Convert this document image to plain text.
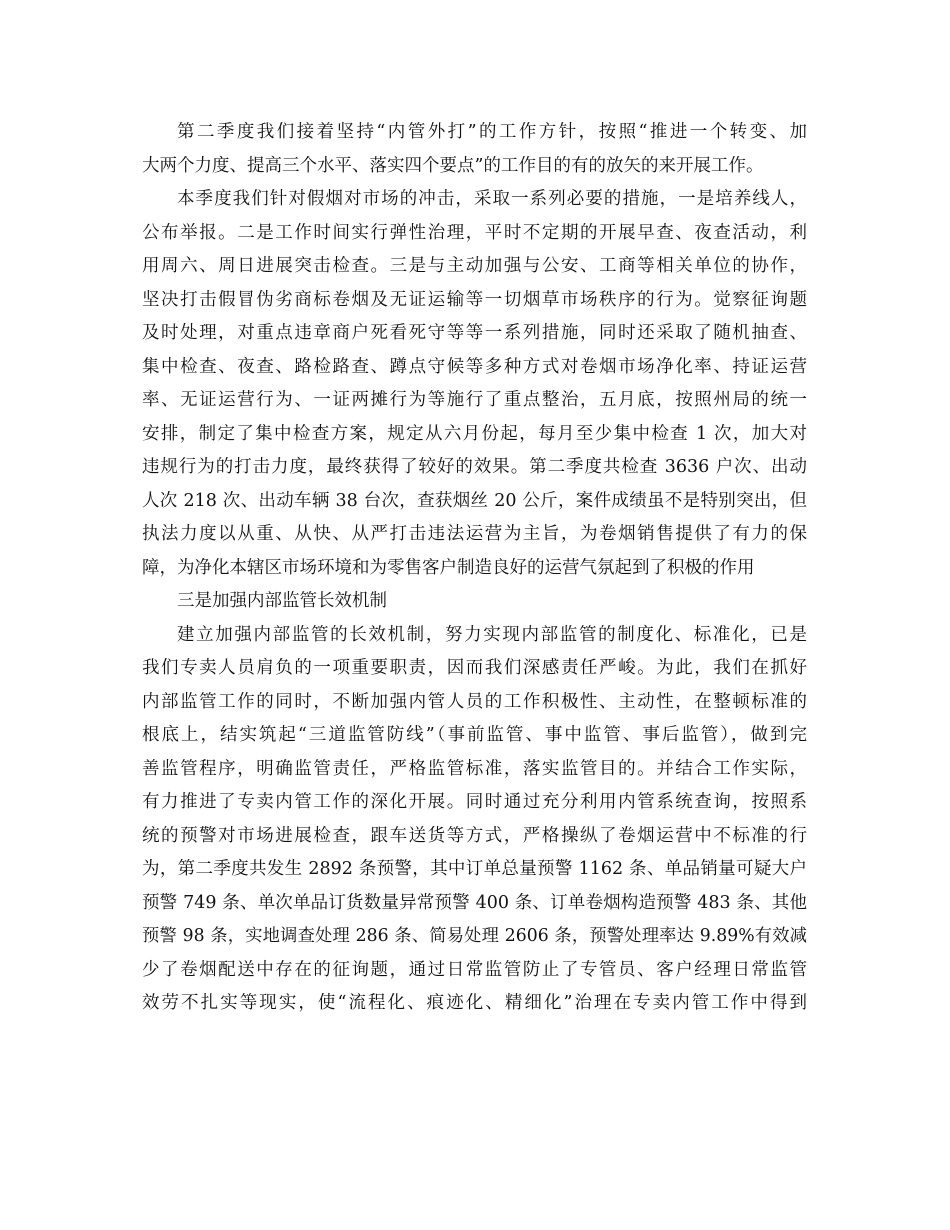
第二季度我们接着坚持“内管外打”的工作方针，按照“推进一个转变、加
大两个力度、提高三个水平、落实四个要点”的工作目的有的放矢的来开展工作。
本季度我们针对假烟对市场的冲击，采取一系列必要的措施，一是培养线人，
公布举报。二是工作时间实行弹性治理，平时不定期的开展早查、夜查活动，利
用周六、周日进展突击检查。三是与主动加强与公安、工商等相关单位的协作，
坚决打击假冒伪劣商标卷烟及无证运输等一切烟草市场秩序的行为。觉察征询题
及时处理，对重点违章商户死看死守等等一系列措施，同时还采取了随机抽查、
集中检查、夜查、路检路查、蹲点守候等多种方式对卷烟市场净化率、持证运营
率、无证运营行为、一证两摊行为等施行了重点整治，五月底，按照州局的统一
安排，制定了集中检查方案，规定从六月份起，每月至少集中检查 1 次，加大对
违规行为的打击力度，最终获得了较好的效果。第二季度共检查 3636 户次、出动
人次 218 次、出动车辆 38 台次，查获烟丝 20 公斤，案件成绩虽不是特别突出，但
执法力度以从重、从快、从严打击违法运营为主旨，为卷烟销售提供了有力的保
障，为净化本辖区市场环境和为零售客户制造良好的运营气氛起到了积极的作用
三是加强内部监管长效机制
建立加强内部监管的长效机制，努力实现内部监管的制度化、标准化，已是
我们专卖人员肩负的一项重要职责，因而我们深感责任严峻。为此，我们在抓好
内部监管工作的同时，不断加强内管人员的工作积极性、主动性，在整顿标准的
根底上，结实筑起“三道监管防线”（事前监管、事中监管、事后监管），做到完
善监管程序，明确监管责任，严格监管标准，落实监管目的。并结合工作实际，
有力推进了专卖内管工作的深化开展。同时通过充分利用内管系统查询，按照系
统的预警对市场进展检查，跟车送货等方式，严格操纵了卷烟运营中不标准的行
为，第二季度共发生 2892 条预警，其中订单总量预警 1162 条、单品销量可疑大户
预警 749 条、单次单品订货数量异常预警 400 条、订单卷烟构造预警 483 条、其他
预警 98 条，实地调查处理 286 条、简易处理 2606 条，预警处理率达 9.89%有效减
少了卷烟配送中存在的征询题，通过日常监管防止了专管员、客户经理日常监管
效劳不扎实等现实，使“流程化、痕迹化、精细化”治理在专卖内管工作中得到
